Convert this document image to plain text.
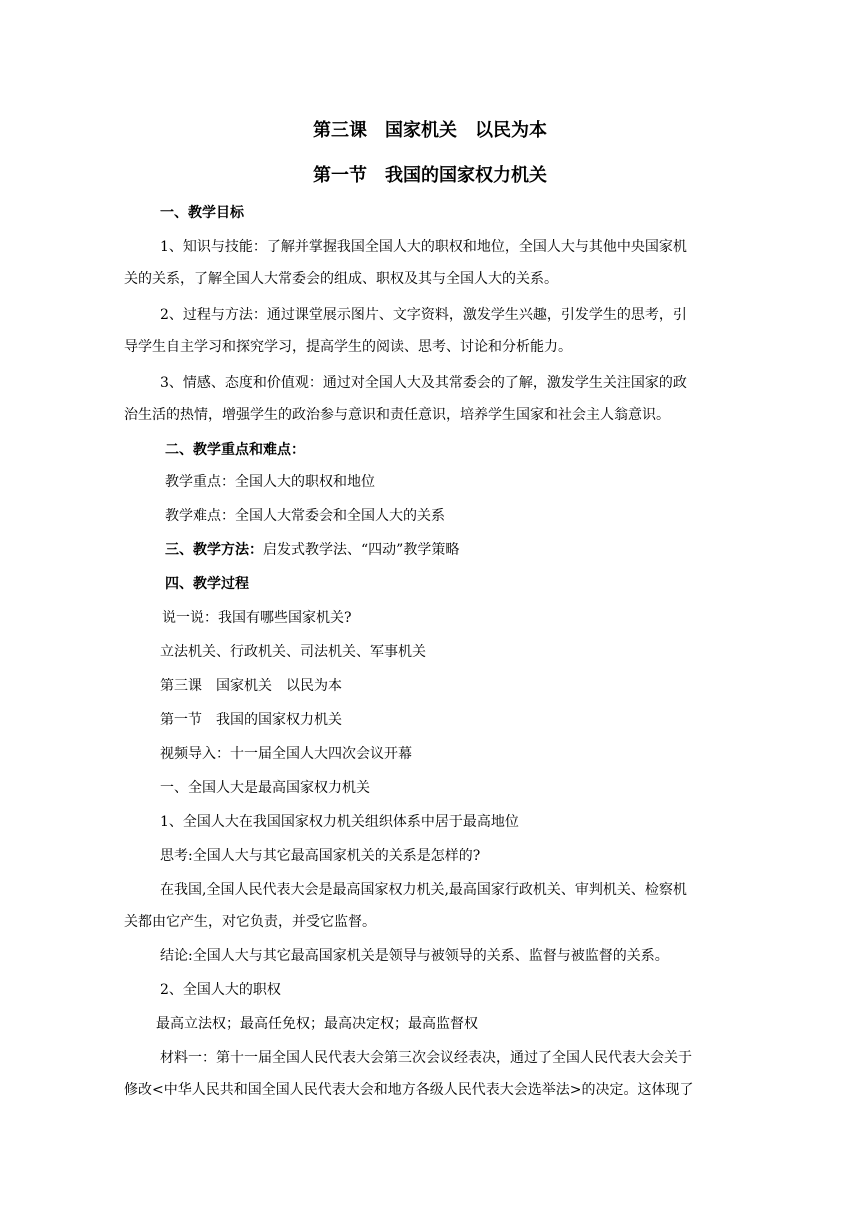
第三课　国家机关　以民为本
第一节　我国的国家权力机关
一、教学目标
1、知识与技能：了解并掌握我国全国人大的职权和地位，全国人大与其他中央国家机
关的关系，了解全国人大常委会的组成、职权及其与全国人大的关系。
2、过程与方法：通过课堂展示图片、文字资料，激发学生兴趣，引发学生的思考，引
导学生自主学习和探究学习，提高学生的阅读、思考、讨论和分析能力。
3、情感、态度和价值观：通过对全国人大及其常委会的了解，激发学生关注国家的政
治生活的热情，增强学生的政治参与意识和责任意识，培养学生国家和社会主人翁意识。
二、教学重点和难点：
教学重点：全国人大的职权和地位
教学难点：全国人大常委会和全国人大的关系
三、教学方法： 启发式教学法、“四动”教学策略
四、教学过程
说一说：我国有哪些国家机关?
立法机关、行政机关、司法机关、军事机关
第三课　国家机关　以民为本
第一节　我国的国家权力机关
视频导入：十一届全国人大四次会议开幕
一、全国人大是最高国家权力机关
1、全国人大在我国国家权力机关组织体系中居于最高地位
思考:全国人大与其它最高国家机关的关系是怎样的?
在我国,全国人民代表大会是最高国家权力机关,最高国家行政机关、审判机关、检察机
关都由它产生，对它负责，并受它监督。
结论:全国人大与其它最高国家机关是领导与被领导的关系、监督与被监督的关系。
2、全国人大的职权
最高立法权；最高任免权；最高决定权；最高监督权
材料一：第十一届全国人民代表大会第三次会议经表决，通过了全国人民代表大会关于
修改<中华人民共和国全国人民代表大会和地方各级人民代表大会选举法>的决定。这体现了
